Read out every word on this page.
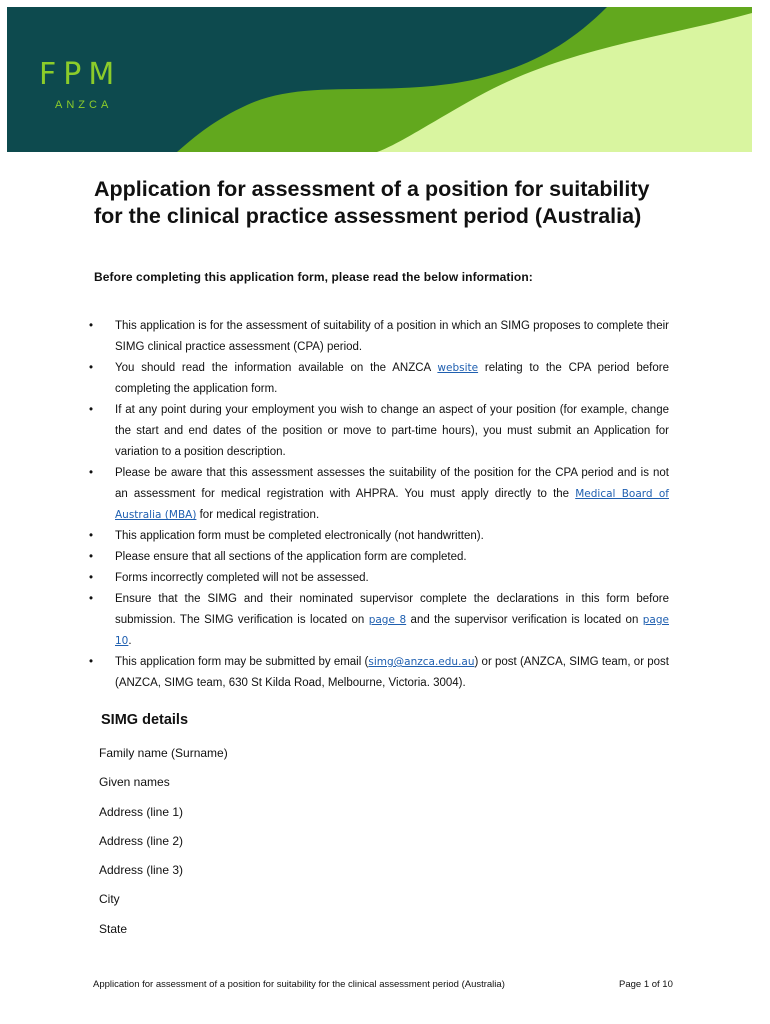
FPM
ANZCA
Application for assessment of a position for suitability for the clinical practice assessment period (Australia)

Before completing this application form, please read the below information:

• This application is for the assessment of suitability of a position in which an SIMG proposes to complete their SIMG clinical practice assessment (CPA) period.
• You should read the information available on the ANZCA website relating to the CPA period before completing the application form.
• If at any point during your employment you wish to change an aspect of your position (for example, change the start and end dates of the position or move to part-time hours), you must submit an Application for variation to a position description.
• Please be aware that this assessment assesses the suitability of the position for the CPA period and is not an assessment for medical registration with AHPRA. You must apply directly to the Medical Board of Australia (MBA) for medical registration.
• This application form must be completed electronically (not handwritten).
• Please ensure that all sections of the application form are completed.
• Forms incorrectly completed will not be assessed.
• Ensure that the SIMG and their nominated supervisor complete the declarations in this form before submission. The SIMG verification is located on page 8 and the supervisor verification is located on page 10.
• This application form may be submitted by email (simg@anzca.edu.au) or post (ANZCA, SIMG team, or post (ANZCA, SIMG team, 630 St Kilda Road, Melbourne, Victoria. 3004).
SIMG details
Family name (Surname)
Given names
Address (line 1)
Address (line 2)
Address (line 3)
City
State
Application for assessment of a position for suitability for the clinical assessment period (Australia)	Page 1 of 10
